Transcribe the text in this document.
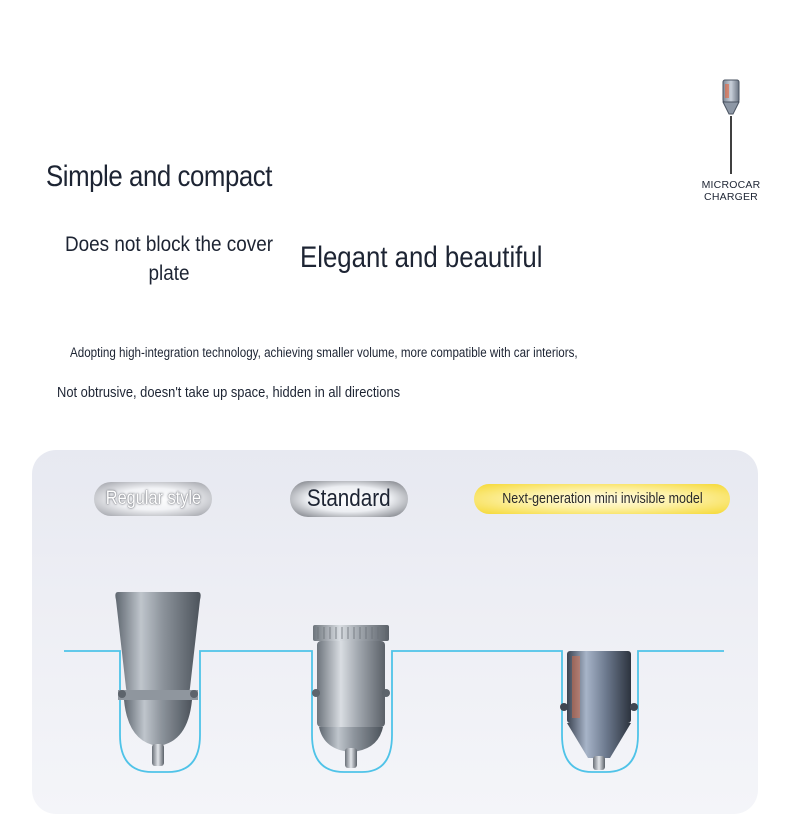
Simple and compact
Does not block the cover plate	Elegant and beautiful
Adopting high-integration technology, achieving smaller volume, more compatible with car interiors,
Not obtrusive, doesn't take up space, hidden in all directions
MICROCAR
CHARGER
Regular style	Standard	Next-generation mini invisible model
